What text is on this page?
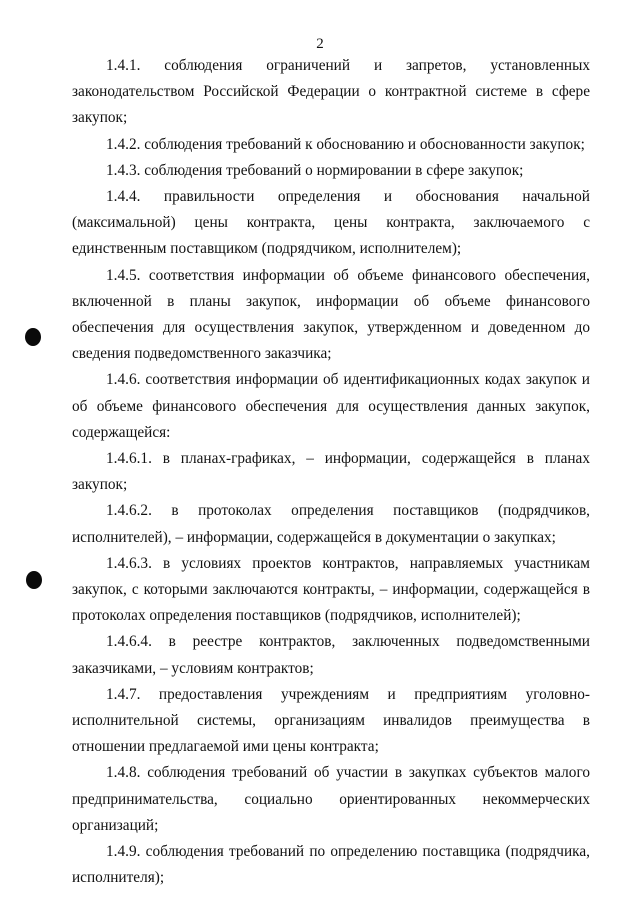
2

1.4.1. соблюдения ограничений и запретов, установленных законодательством Российской Федерации о контрактной системе в сфере закупок;

1.4.2. соблюдения требований к обоснованию и обоснованности закупок;

1.4.3. соблюдения требований о нормировании в сфере закупок;

1.4.4. правильности определения и обоснования начальной (максимальной) цены контракта, цены контракта, заключаемого с единственным поставщиком (подрядчиком, исполнителем);

1.4.5. соответствия информации об объеме финансового обеспечения, включенной в планы закупок, информации об объеме финансового обеспечения для осуществления закупок, утвержденном и доведенном до сведения подведомственного заказчика;

1.4.6. соответствия информации об идентификационных кодах закупок и об объеме финансового обеспечения для осуществления данных закупок, содержащейся:

1.4.6.1. в планах-графиках, – информации, содержащейся в планах закупок;

1.4.6.2. в протоколах определения поставщиков (подрядчиков, исполнителей), – информации, содержащейся в документации о закупках;

1.4.6.3. в условиях проектов контрактов, направляемых участникам закупок, с которыми заключаются контракты, – информации, содержащейся в протоколах определения поставщиков (подрядчиков, исполнителей);

1.4.6.4. в реестре контрактов, заключенных подведомственными заказчиками, – условиям контрактов;

1.4.7. предоставления учреждениям и предприятиям уголовно-исполнительной системы, организациям инвалидов преимущества в отношении предлагаемой ими цены контракта;

1.4.8. соблюдения требований об участии в закупках субъектов малого предпринимательства, социально ориентированных некоммерческих организаций;

1.4.9. соблюдения требований по определению поставщика (подрядчика, исполнителя);
